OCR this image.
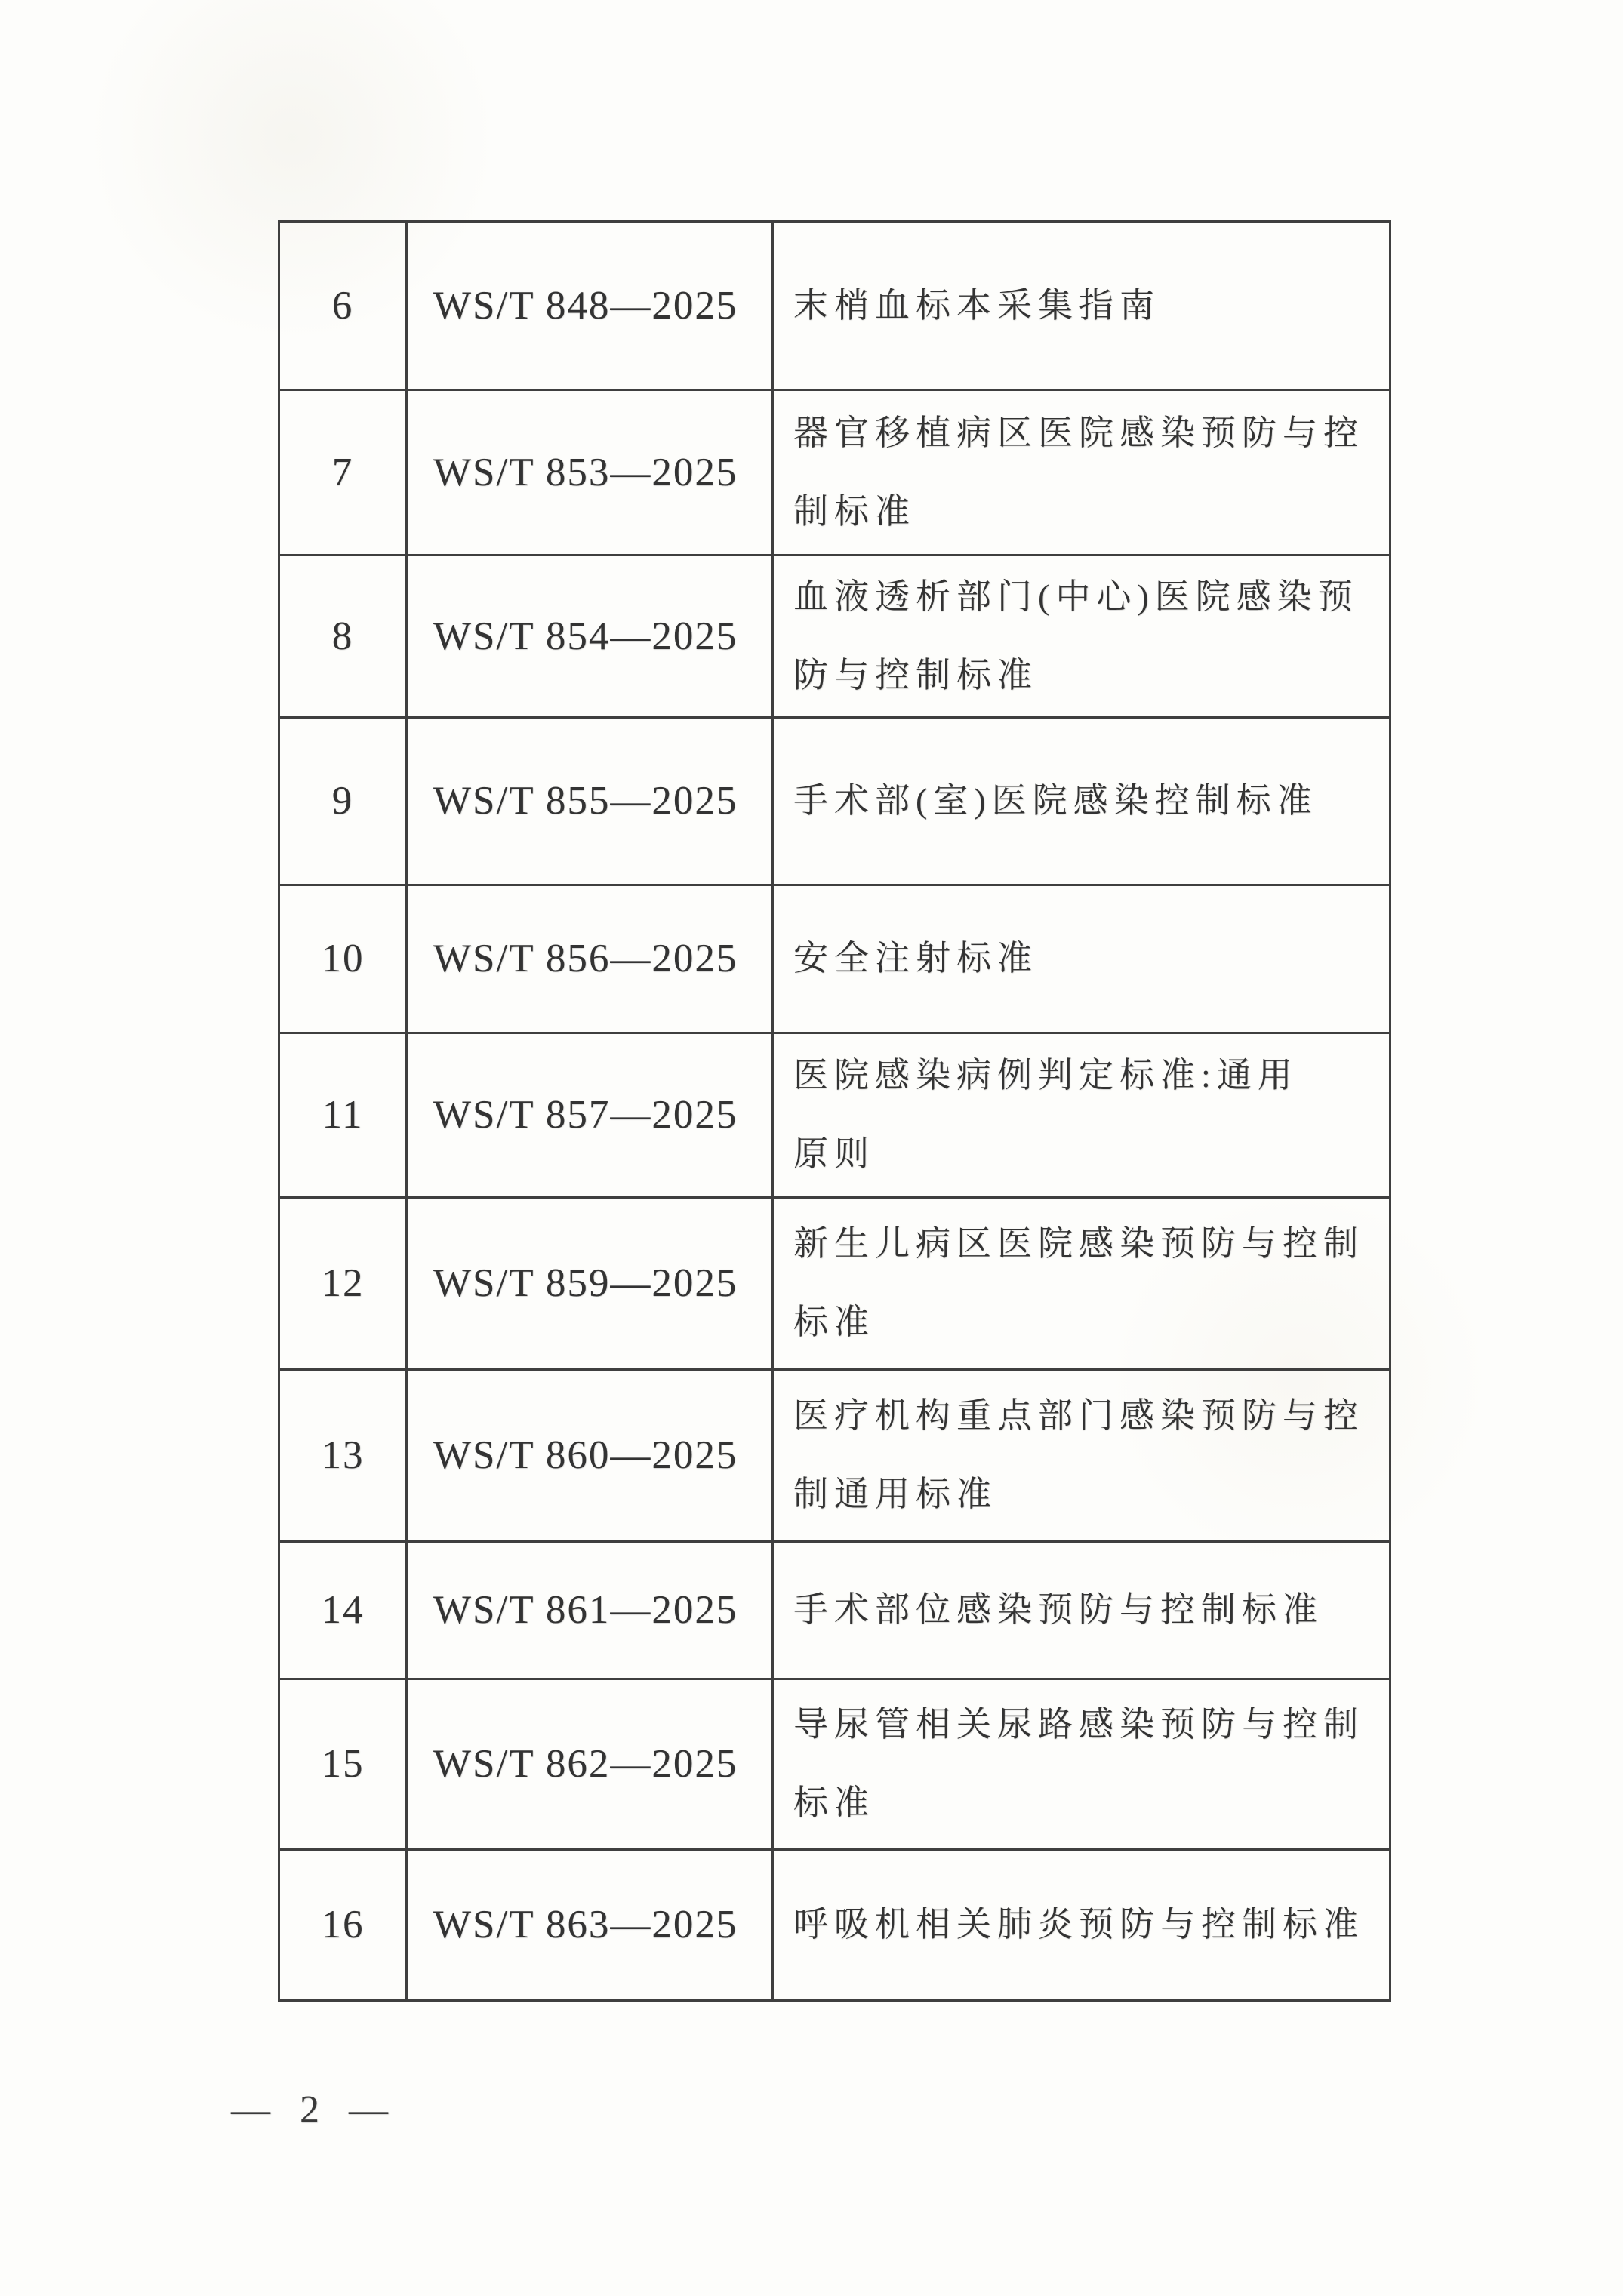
6	WS/T 848—2025	末梢血标本采集指南
7	WS/T 853—2025	器官移植病区医院感染预防与控
制标准
8	WS/T 854—2025	血液透析部门(中心)医院感染预
防与控制标准
9	WS/T 855—2025	手术部(室)医院感染控制标准
10	WS/T 856—2025	安全注射标准
11	WS/T 857—2025	医院感染病例判定标准:通用
原则
12	WS/T 859—2025	新生儿病区医院感染预防与控制
标准
13	WS/T 860—2025	医疗机构重点部门感染预防与控
制通用标准
14	WS/T 861—2025	手术部位感染预防与控制标准
15	WS/T 862—2025	导尿管相关尿路感染预防与控制
标准
16	WS/T 863—2025	呼吸机相关肺炎预防与控制标准
— 2 —
